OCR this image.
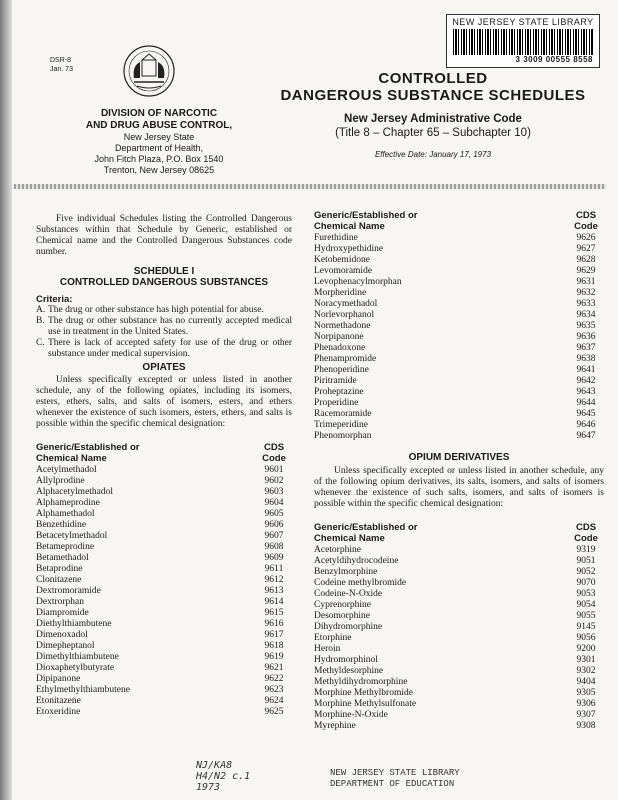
NEW JERSEY STATE LIBRARY
3 3009 00555 8558
DSR-8
Jan. 73
DIVISION OF NARCOTIC
AND DRUG ABUSE CONTROL,
New Jersey State
Department of Health,
John Fitch Plaza, P.O. Box 1540
Trenton, New Jersey 08625
CONTROLLED
DANGEROUS SUBSTANCE SCHEDULES
New Jersey Administrative Code
(Title 8 – Chapter 65 – Subchapter 10)
Effective Date: January 17, 1973

Five individual Schedules listing the Controlled Dangerous Substances within that Schedule by Generic, established or Chemical name and the Controlled Dangerous Substances code number.

SCHEDULE I
CONTROLLED DANGEROUS SUBSTANCES
Criteria:
A. The drug or other substance has high potential for abuse.
B. The drug or other substance has no currently accepted medical use in treatment in the United States.
C. There is lack of accepted safety for use of the drug or other substance under medical supervision.
OPIATES
Unless specifically excepted or unless listed in another schedule, any of the following opiates, including its isomers, esters, ethers, salts, and salts of isomers, esters, and ethers whenever the existence of such isomers, esters, ethers, and salts is possible within the specific chemical designation:
Generic/Established or
Chemical Name
CDS
Code
Acetylmethadol	9601
Allylprodine	9602
Alphacetylmethadol	9603
Alphameprodine	9604
Alphamethadol	9605
Benzethidine	9606
Betacetylmethadol	9607
Betameprodine	9608
Betamethadol	9609
Betaprodine	9611
Clonitazene	9612
Dextromoramide	9613
Dextrorphan	9614
Diampromide	9615
Diethylthiambutene	9616
Dimenoxadol	9617
Dimepheptanol	9618
Dimethylthiambutene	9619
Dioxaphetylbutyrate	9621
Dipipanone	9622
Ethylmethylthiambutene	9623
Etonitazene	9624
Etoxeridine	9625
Generic/Established or
Chemical Name
CDS
Code
Furethidine	9626
Hydroxypethidine	9627
Ketobemidone	9628
Levomoramide	9629
Levophenacylmorphan	9631
Morpheridine	9632
Noracymethadol	9633
Norlevorphanol	9634
Normethadone	9635
Norpipanone	9636
Phenadoxone	9637
Phenampromide	9638
Phenoperidine	9641
Piritramide	9642
Proheptazine	9643
Properidine	9644
Racemoramide	9645
Trimeperidine	9646
Phenomorphan	9647
OPIUM DERIVATIVES
Unless specifically excepted or unless listed in another schedule, any of the following opium derivatives, its salts, isomers, and salts of isomers whenever the existence of such salts, isomers, and salts of isomers is possible within the specific chemical designation:
Generic/Established or
Chemical Name
CDS
Code
Acetorphine	9319
Acetyldihydrocodeine	9051
Benzylmorphine	9052
Codeine methylbromide	9070
Codeine-N-Oxide	9053
Cyprenorphine	9054
Desomorphine	9055
Dihydromorphine	9145
Etorphine	9056
Heroin	9200
Hydromorphinol	9301
Methyldesorphine	9302
Methyldihydromorphine	9404
Morphine Methylbromide	9305
Morphine Methylsulfonate	9306
Morphine-N-Oxide	9307
Myrephine	9308
NJ/KA8
H4/N2 c.1
1973
NEW JERSEY STATE LIBRARY
DEPARTMENT OF EDUCATION
